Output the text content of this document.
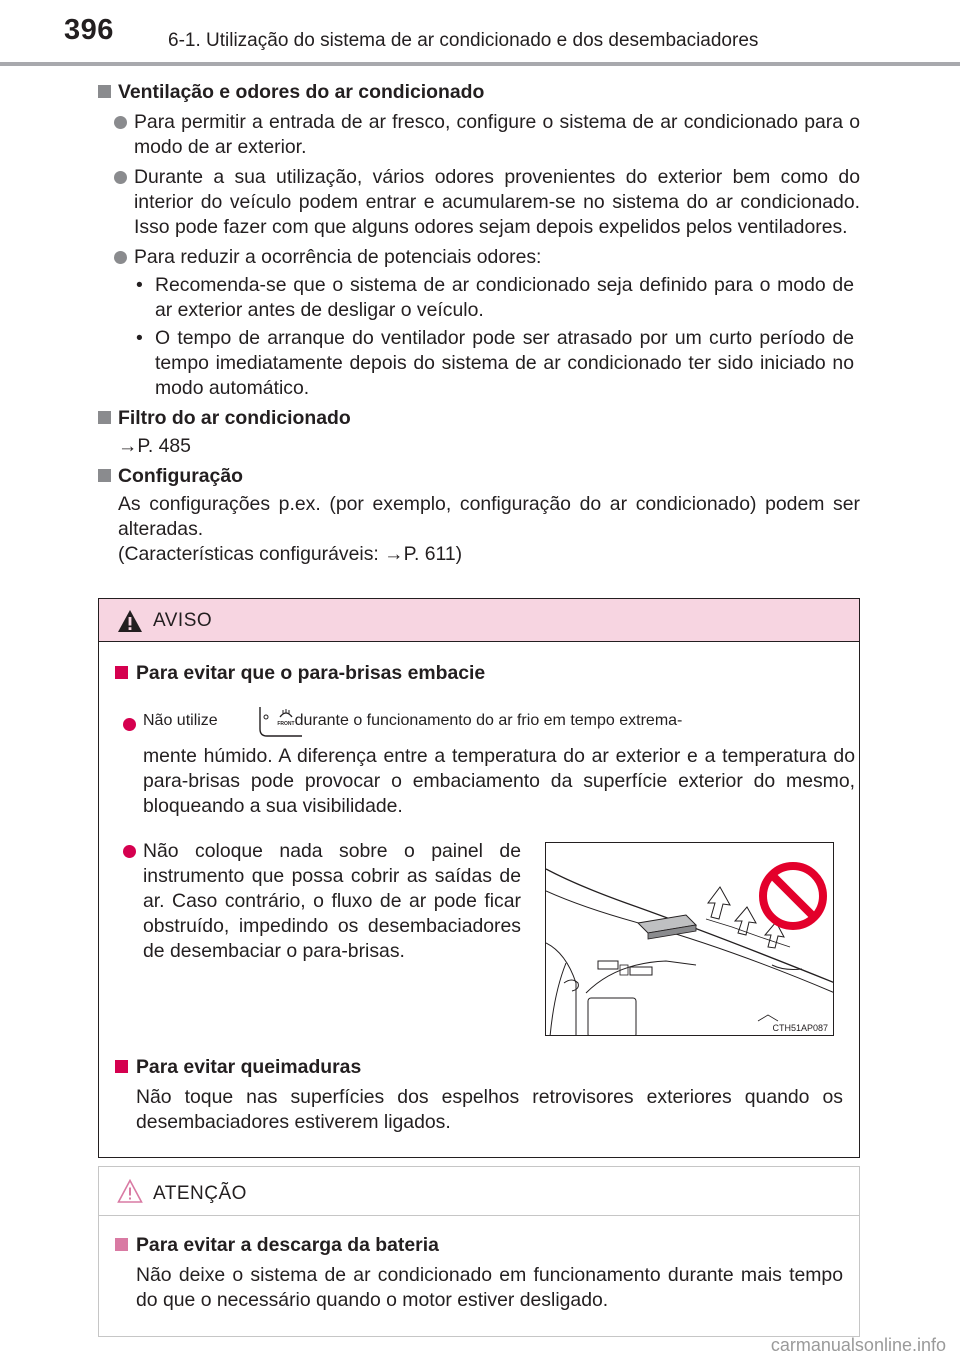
396	6-1. Utilização do sistema de ar condicionado e dos desembaciadores
Ventilação e odores do ar condicionado
Para permitir a entrada de ar fresco, configure o sistema de ar condicionado para o modo de ar exterior.
Durante a sua utilização, vários odores provenientes do exterior bem como do interior do veículo podem entrar e acumularem-se no sistema do ar condicionado. Isso pode fazer com que alguns odores sejam depois expelidos pelos ventiladores.
Para reduzir a ocorrência de potenciais odores:
• Recomenda-se que o sistema de ar condicionado seja definido para o modo de ar exterior antes de desligar o veículo.
• O tempo de arranque do ventilador pode ser atrasado por um curto período de tempo imediatamente depois do sistema de ar condicionado ter sido iniciado no modo automático.
Filtro do ar condicionado
→P. 485
Configuração
As configurações p.ex. (por exemplo, configuração do ar condicionado) podem ser alteradas.
(Características configuráveis: →P. 611)
AVISO
Para evitar que o para-brisas embacie
Não utilize	durante o funcionamento do ar frio em tempo extrema-
mente húmido. A diferença entre a temperatura do ar exterior e a temperatura do para-brisas pode provocar o embaciamento da superfície exterior do mesmo, bloqueando a sua visibilidade.
Não coloque nada sobre o painel de instrumento que possa cobrir as saídas de ar. Caso contrário, o fluxo de ar pode ficar obstruído, impedindo os desembaciadores de desembaciar o para-brisas.
Para evitar queimaduras
Não toque nas superfícies dos espelhos retrovisores exteriores quando os desembaciadores estiverem ligados.
FRONT
CTH51AP087
ATENÇÃO
Para evitar a descarga da bateria
Não deixe o sistema de ar condicionado em funcionamento durante mais tempo do que o necessário quando o motor estiver desligado.
carmanualsonline.info
